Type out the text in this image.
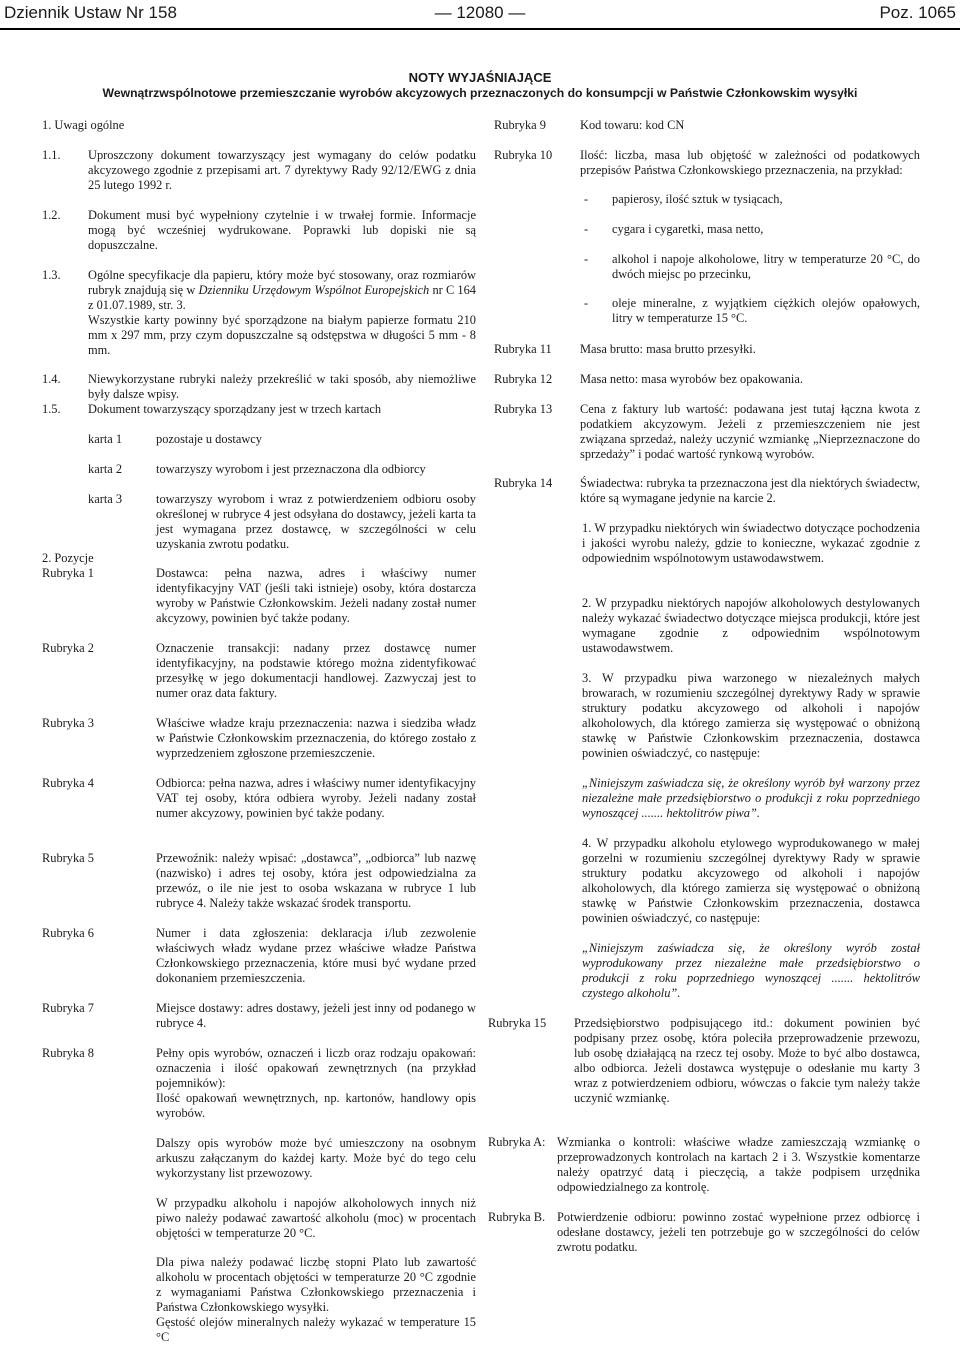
Dziennik Ustaw Nr 158	— 12080 —	Poz. 1065
NOTY WYJAŚNIAJĄCE
Wewnątrzwspólnotowe przemieszczanie wyrobów akcyzowych przeznaczonych do konsumpcji w Państwie Członkowskim wysyłki
1. Uwagi ogólne
1.1. Uproszczony dokument towarzyszący jest wymagany do celów podatku akcyzowego zgodnie z przepisami art. 7 dyrektywy Rady 92/12/EWG z dnia 25 lutego 1992 r.
1.2. Dokument musi być wypełniony czytelnie i w trwałej formie. Informacje mogą być wcześniej wydrukowane. Poprawki lub dopiski nie są dopuszczalne.
1.3. Ogólne specyfikacje dla papieru, który może być stosowany, oraz rozmiarów rubryk znajdują się w Dzienniku Urzędowym Wspólnot Europejskich nr C 164 z 01.07.1989, str. 3.
Wszystkie karty powinny być sporządzone na białym papierze formatu 210 mm x 297 mm, przy czym dopuszczalne są odstępstwa w długości 5 mm - 8 mm.
1.4. Niewykorzystane rubryki należy przekreślić w taki sposób, aby niemożliwe były dalsze wpisy.
1.5. Dokument towarzyszący sporządzany jest w trzech kartach
karta 1	pozostaje u dostawcy
karta 2	towarzyszy wyrobom i jest przeznaczona dla odbiorcy
karta 3	towarzyszy wyrobom i wraz z potwierdzeniem odbioru osoby określonej w rubryce 4 jest odsyłana do dostawcy, jeżeli karta ta jest wymagana przez dostawcę, w szczególności w celu uzyskania zwrotu podatku.
2. Pozycje
Rubryka 1	Dostawca: pełna nazwa, adres i właściwy numer identyfikacyjny VAT (jeśli taki istnieje) osoby, która dostarcza wyroby w Państwie Członkowskim. Jeżeli nadany został numer akcyzowy, powinien być także podany.
Rubryka 2	Oznaczenie transakcji: nadany przez dostawcę numer identyfikacyjny, na podstawie którego można zidentyfikować przesyłkę w jego dokumentacji handlowej. Zazwyczaj jest to numer oraz data faktury.
Rubryka 3	Właściwe władze kraju przeznaczenia: nazwa i siedziba władz w Państwie Członkowskim przeznaczenia, do którego zostało z wyprzedzeniem zgłoszone przemieszczenie.
Rubryka 4	Odbiorca: pełna nazwa, adres i właściwy numer identyfikacyjny VAT tej osoby, która odbiera wyroby. Jeżeli nadany został numer akcyzowy, powinien być także podany.
Rubryka 5	Przewoźnik: należy wpisać: „dostawca”, „odbiorca” lub nazwę (nazwisko) i adres tej osoby, która jest odpowiedzialna za przewóz, o ile nie jest to osoba wskazana w rubryce 1 lub rubryce 4. Należy także wskazać środek transportu.
Rubryka 6	Numer i data zgłoszenia: deklaracja i/lub zezwolenie właściwych władz wydane przez właściwe władze Państwa Członkowskiego przeznaczenia, które musi być wydane przed dokonaniem przemieszczenia.
Rubryka 7	Miejsce dostawy: adres dostawy, jeżeli jest inny od podanego w rubryce 4.
Rubryka 8	Pełny opis wyrobów, oznaczeń i liczb oraz rodzaju opakowań: oznaczenia i ilość opakowań zewnętrznych (na przykład pojemników):
Ilość opakowań wewnętrznych, np. kartonów, handlowy opis wyrobów.
Dalszy opis wyrobów może być umieszczony na osobnym arkuszu załączanym do każdej karty. Może być do tego celu wykorzystany list przewozowy.
W przypadku alkoholu i napojów alkoholowych innych niż piwo należy podawać zawartość alkoholu (moc) w procentach objętości w temperaturze 20 °C.
Dla piwa należy podawać liczbę stopni Plato lub zawartość alkoholu w procentach objętości w temperaturze 20 °C zgodnie z wymaganiami Państwa Członkowskiego przeznaczenia i Państwa Członkowskiego wysyłki.
Gęstość olejów mineralnych należy wykazać w temperature 15 °C
Rubryka 9	Kod towaru: kod CN
Rubryka 10 Ilość: liczba, masa lub objętość w zależności od podatkowych przepisów Państwa Członkowskiego przeznaczenia, na przykład:
- papierosy, ilość sztuk w tysiącach,
- cygara i cygaretki, masa netto,
- alkohol i napoje alkoholowe, litry w temperaturze 20 °C, do dwóch miejsc po przecinku,
- oleje mineralne, z wyjątkiem ciężkich olejów opałowych, litry w temperaturze 15 °C.
Rubryka 11 Masa brutto: masa brutto przesyłki.
Rubryka 12 Masa netto: masa wyrobów bez opakowania.
Rubryka 13 Cena z faktury lub wartość: podawana jest tutaj łączna kwota z podatkiem akcyzowym. Jeżeli z przemieszczeniem nie jest związana sprzedaż, należy uczynić wzmiankę „Nieprzeznaczone do sprzedaży” i podać wartość rynkową wyrobów.
Rubryka 14 Świadectwa: rubryka ta przeznaczona jest dla niektórych świadectw, które są wymagane jedynie na karcie 2.
1. W przypadku niektórych win świadectwo dotyczące pochodzenia i jakości wyrobu należy, gdzie to konieczne, wykazać zgodnie z odpowiednim wspólnotowym ustawodawstwem.
2. W przypadku niektórych napojów alkoholowych destylowanych należy wykazać świadectwo dotyczące miejsca produkcji, które jest wymagane zgodnie z odpowiednim wspólnotowym ustawodawstwem.
3. W przypadku piwa warzonego w niezależnych małych browarach, w rozumieniu szczególnej dyrektywy Rady w sprawie struktury podatku akcyzowego od alkoholi i napojów alkoholowych, dla którego zamierza się występować o obniżoną stawkę w Państwie Członkowskim przeznaczenia, dostawca powinien oświadczyć, co następuje:
„Niniejszym zaświadcza się, że określony wyrób był warzony przez niezależne małe przedsiębiorstwo o produkcji z roku poprzedniego wynoszącej ....... hektolitrów piwa”.
4. W przypadku alkoholu etylowego wyprodukowanego w małej gorzelni w rozumieniu szczególnej dyrektywy Rady w sprawie struktury podatku akcyzowego od alkoholi i napojów alkoholowych, dla którego zamierza się występować o obniżoną stawkę w Państwie Członkowskim przeznaczenia, dostawca powinien oświadczyć, co następuje:
„Niniejszym zaświadcza się, że określony wyrób został wyprodukowany przez niezależne małe przedsiębiorstwo o produkcji z roku poprzedniego wynoszącej ....... hektolitrów czystego alkoholu”.
Rubryka 15 Przedsiębiorstwo podpisującego itd.: dokument powinien być podpisany przez osobę, która poleciła przeprowadzenie przewozu, lub osobę działającą na rzecz tej osoby. Może to być albo dostawca, albo odbiorca. Jeżeli dostawca występuje o odesłanie mu karty 3 wraz z potwierdzeniem odbioru, wówczas o fakcie tym należy także uczynić wzmiankę.
Rubryka A: Wzmianka o kontroli: właściwe władze zamieszczają wzmiankę o przeprowadzonych kontrolach na kartach 2 i 3. Wszystkie komentarze należy opatrzyć datą i pieczęcią, a także podpisem urzędnika odpowiedzialnego za kontrolę.
Rubryka B. Potwierdzenie odbioru: powinno zostać wypełnione przez odbiorcę i odesłane dostawcy, jeżeli ten potrzebuje go w szczególności do celów zwrotu podatku.
